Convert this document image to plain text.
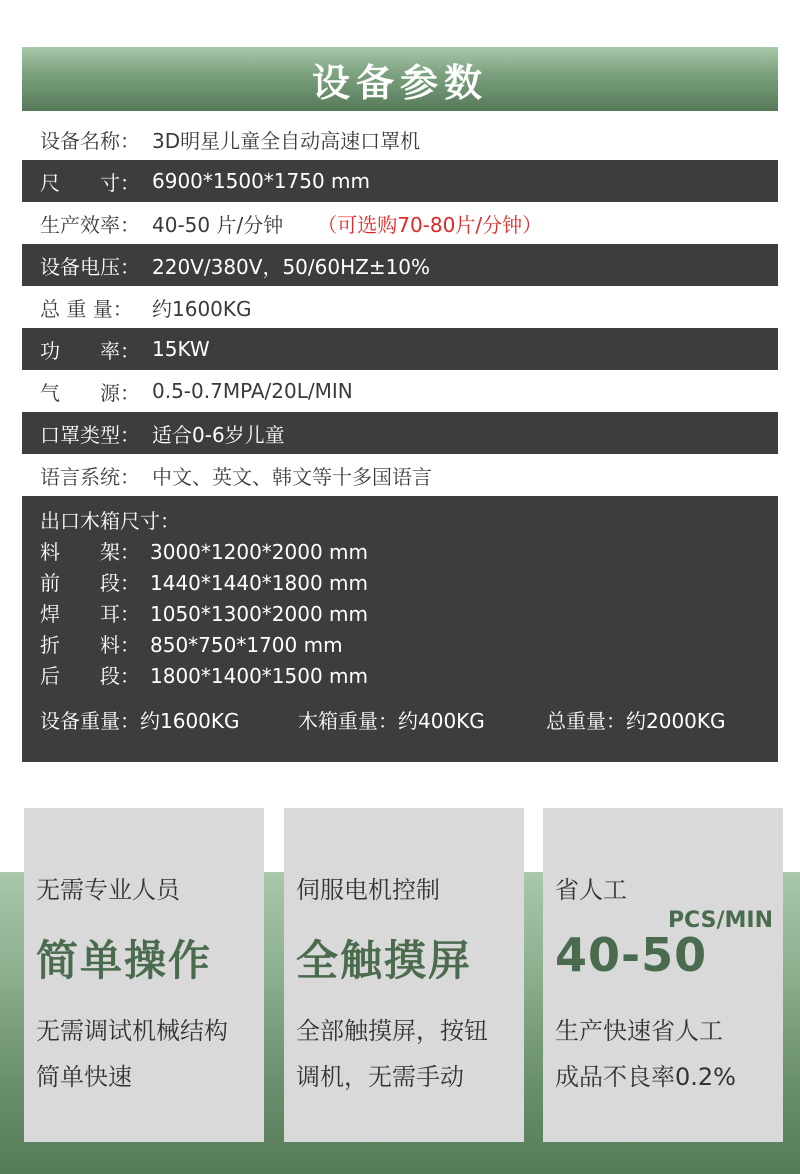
设备参数
设备名称： 3D明星儿童全自动高速口罩机
尺　　寸： 6900*1500*1750 mm
生产效率： 40-50 片/分钟 （可选购70-80片/分钟）
设备电压： 220V/380V，50/60HZ±10%
总 重 量： 约1600KG
功　　率： 15KW
气　　源： 0.5-0.7MPA/20L/MIN
口罩类型： 适合0-6岁儿童
语言系统： 中文、英文、韩文等十多国语言
出口木箱尺寸：
料　　架： 3000*1200*2000 mm
前　　段： 1440*1440*1800 mm
焊　　耳： 1050*1300*2000 mm
折　　料： 850*750*1700 mm
后　　段： 1800*1400*1500 mm
设备重量：约1600KG	木箱重量：约400KG	总重量：约2000KG
无需专业人员
简单操作
无需调试机械结构
简单快速
伺服电机控制
全触摸屏
全部触摸屏，按钮
调机，无需手动
省人工
PCS/MIN
40-50
生产快速省人工
成品不良率0.2%
